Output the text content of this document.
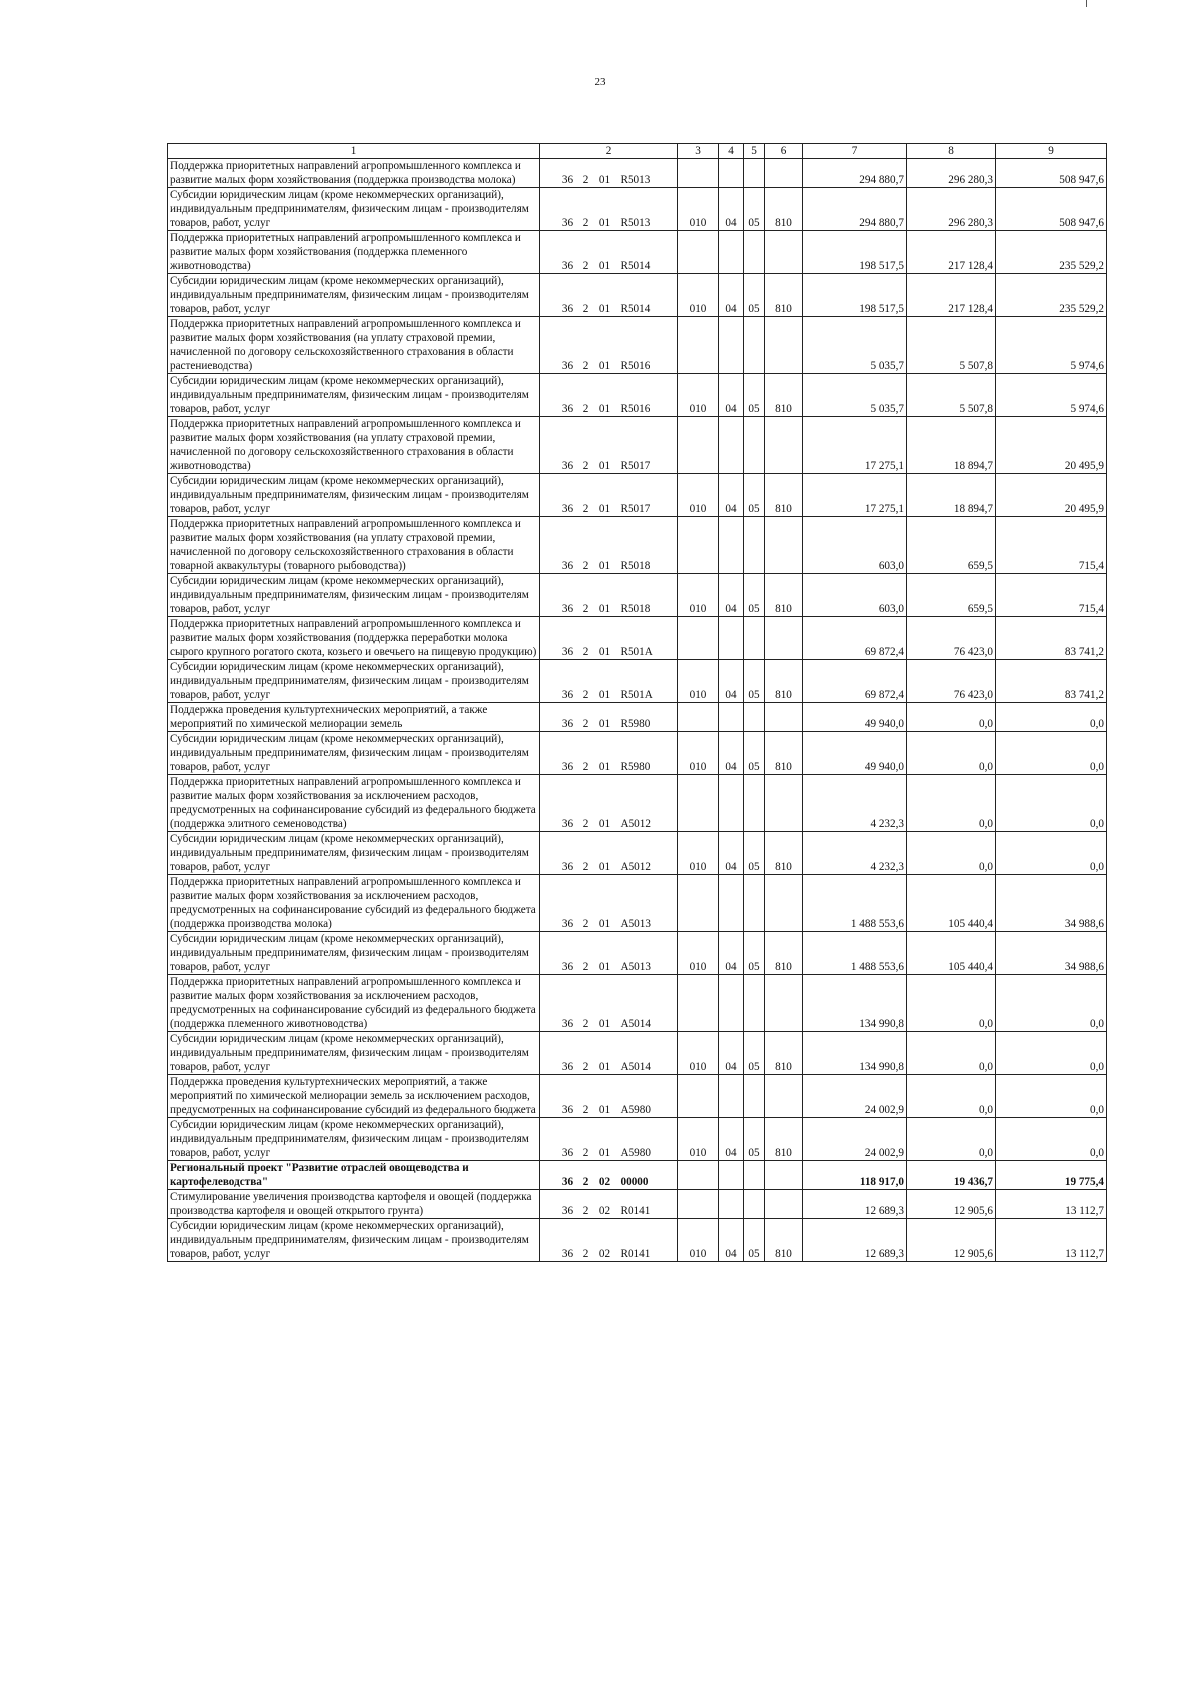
23
1	2	3	4	5	6	7	8	9
Поддержка приоритетных направлений агропромышленного комплекса и развитие малых форм хозяйствования (поддержка производства молока)	36 2 01 R5013					294 880,7	296 280,3	508 947,6
Субсидии юридическим лицам (кроме некоммерческих организаций), индивидуальным предпринимателям, физическим лицам - производителям товаров, работ, услуг	36 2 01 R5013	010	04	05	810	294 880,7	296 280,3	508 947,6
Поддержка приоритетных направлений агропромышленного комплекса и развитие малых форм хозяйствования (поддержка племенного животноводства)	36 2 01 R5014					198 517,5	217 128,4	235 529,2
Субсидии юридическим лицам (кроме некоммерческих организаций), индивидуальным предпринимателям, физическим лицам - производителям товаров, работ, услуг	36 2 01 R5014	010	04	05	810	198 517,5	217 128,4	235 529,2
Поддержка приоритетных направлений агропромышленного комплекса и развитие малых форм хозяйствования (на уплату страховой премии, начисленной по договору сельскохозяйственного страхования в области растениеводства)	36 2 01 R5016					5 035,7	5 507,8	5 974,6
Субсидии юридическим лицам (кроме некоммерческих организаций), индивидуальным предпринимателям, физическим лицам - производителям товаров, работ, услуг	36 2 01 R5016	010	04	05	810	5 035,7	5 507,8	5 974,6
Поддержка приоритетных направлений агропромышленного комплекса и развитие малых форм хозяйствования (на уплату страховой премии, начисленной по договору сельскохозяйственного страхования в области животноводства)	36 2 01 R5017					17 275,1	18 894,7	20 495,9
Субсидии юридическим лицам (кроме некоммерческих организаций), индивидуальным предпринимателям, физическим лицам - производителям товаров, работ, услуг	36 2 01 R5017	010	04	05	810	17 275,1	18 894,7	20 495,9
Поддержка приоритетных направлений агропромышленного комплекса и развитие малых форм хозяйствования (на уплату страховой премии, начисленной по договору сельскохозяйственного страхования в области товарной аквакультуры (товарного рыбоводства))	36 2 01 R5018					603,0	659,5	715,4
Субсидии юридическим лицам (кроме некоммерческих организаций), индивидуальным предпринимателям, физическим лицам - производителям товаров, работ, услуг	36 2 01 R5018	010	04	05	810	603,0	659,5	715,4
Поддержка приоритетных направлений агропромышленного комплекса и развитие малых форм хозяйствования (поддержка переработки молока сырого крупного рогатого скота, козьего и овечьего на пищевую продукцию)	36 2 01 R501A					69 872,4	76 423,0	83 741,2
Субсидии юридическим лицам (кроме некоммерческих организаций), индивидуальным предпринимателям, физическим лицам - производителям товаров, работ, услуг	36 2 01 R501A	010	04	05	810	69 872,4	76 423,0	83 741,2
Поддержка проведения культуртехнических мероприятий, а также мероприятий по химической мелиорации земель	36 2 01 R5980					49 940,0	0,0	0,0
Субсидии юридическим лицам (кроме некоммерческих организаций), индивидуальным предпринимателям, физическим лицам - производителям товаров, работ, услуг	36 2 01 R5980	010	04	05	810	49 940,0	0,0	0,0
Поддержка приоритетных направлений агропромышленного комплекса и развитие малых форм хозяйствования за исключением расходов, предусмотренных на софинансирование субсидий из федерального бюджета (поддержка элитного семеноводства)	36 2 01 A5012					4 232,3	0,0	0,0
Субсидии юридическим лицам (кроме некоммерческих организаций), индивидуальным предпринимателям, физическим лицам - производителям товаров, работ, услуг	36 2 01 A5012	010	04	05	810	4 232,3	0,0	0,0
Поддержка приоритетных направлений агропромышленного комплекса и развитие малых форм хозяйствования за исключением расходов, предусмотренных на софинансирование субсидий из федерального бюджета (поддержка производства молока)	36 2 01 A5013					1 488 553,6	105 440,4	34 988,6
Субсидии юридическим лицам (кроме некоммерческих организаций), индивидуальным предпринимателям, физическим лицам - производителям товаров, работ, услуг	36 2 01 A5013	010	04	05	810	1 488 553,6	105 440,4	34 988,6
Поддержка приоритетных направлений агропромышленного комплекса и развитие малых форм хозяйствования за исключением расходов, предусмотренных на софинансирование субсидий из федерального бюджета (поддержка племенного животноводства)	36 2 01 A5014					134 990,8	0,0	0,0
Субсидии юридическим лицам (кроме некоммерческих организаций), индивидуальным предпринимателям, физическим лицам - производителям товаров, работ, услуг	36 2 01 A5014	010	04	05	810	134 990,8	0,0	0,0
Поддержка проведения культуртехнических мероприятий, а также мероприятий по химической мелиорации земель за исключением расходов, предусмотренных на софинансирование субсидий из федерального бюджета	36 2 01 A5980					24 002,9	0,0	0,0
Субсидии юридическим лицам (кроме некоммерческих организаций), индивидуальным предпринимателям, физическим лицам - производителям товаров, работ, услуг	36 2 01 A5980	010	04	05	810	24 002,9	0,0	0,0
Региональный проект "Развитие отраслей овощеводства и картофелеводства"	36 2 02 00000					118 917,0	19 436,7	19 775,4
Стимулирование увеличения производства картофеля и овощей (поддержка производства картофеля и овощей открытого грунта)	36 2 02 R0141					12 689,3	12 905,6	13 112,7
Субсидии юридическим лицам (кроме некоммерческих организаций), индивидуальным предпринимателям, физическим лицам - производителям товаров, работ, услуг	36 2 02 R0141	010	04	05	810	12 689,3	12 905,6	13 112,7
